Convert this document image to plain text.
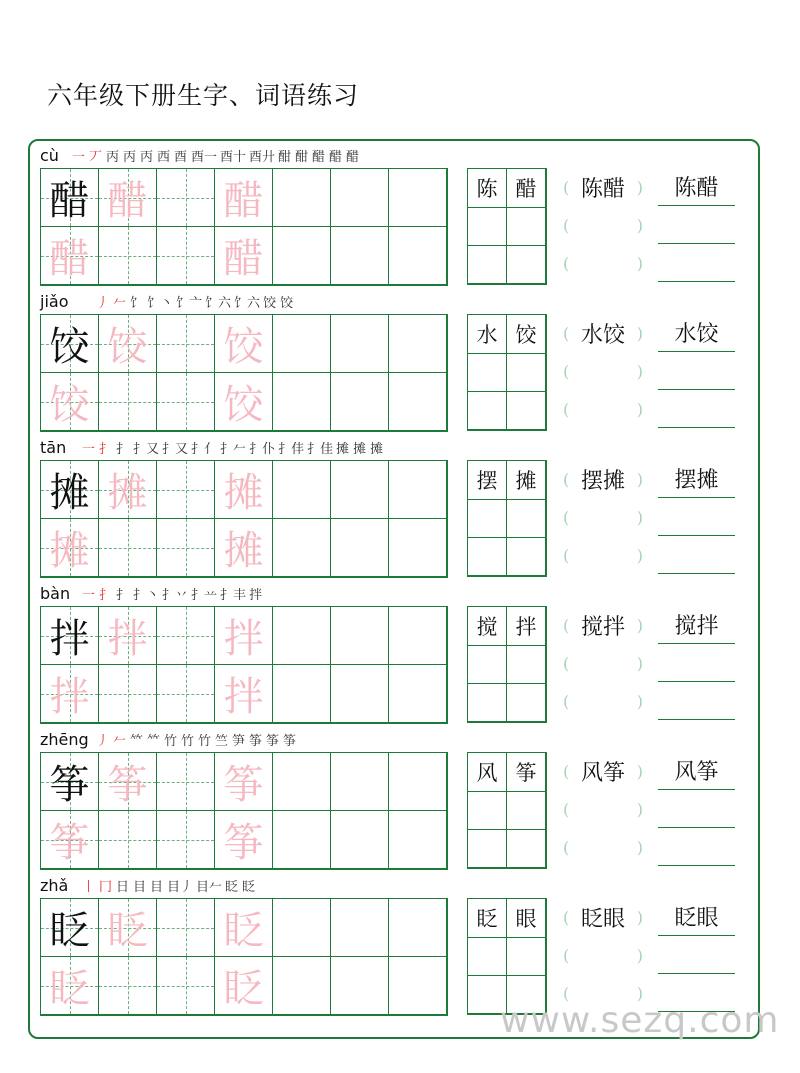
六年级下册生字、词语练习
cù 一 丆 丙 丙 丙 西 酉 酉一 酉十 酉廾 酣 酣 醋 醋 醋
醋 醋 醋
醋	醋
陈 醋	( 陈醋 )	陈醋
( )
( )
jiǎo 丿 𠂉 饣 饣丶 饣亠 饣六 饣六 饺 饺
饺 饺 饺
饺	饺
水 饺	( 水饺 )	水饺
( )
( )
tān 一 扌 扌 扌又 扌又 扌亻 扌𠂉 扌仆 扌仹 扌佳 摊 摊 摊
摊 摊 摊
摊	摊
摆 摊	( 摆摊 )	摆摊
( )
( )
bàn 一 扌 扌 扌丶 扌丷 扌䒑 扌丰 拌
拌 拌 拌
拌	拌
搅 拌	( 搅拌 )	搅拌
( )
( )
zhēng 丿 𠂉 𥫗 𥫗 竹 竹 竹 竺 笋 筝 筝 筝
筝 筝 筝
筝	筝
风 筝	( 风筝 )	风筝
( )
( )
zhǎ 丨 冂 日 目 目 目丿 目𠂉 眨 眨
眨 眨 眨
眨	眨
眨 眼	( 眨眼 )	眨眼
( )
( )
www.sezq.com
